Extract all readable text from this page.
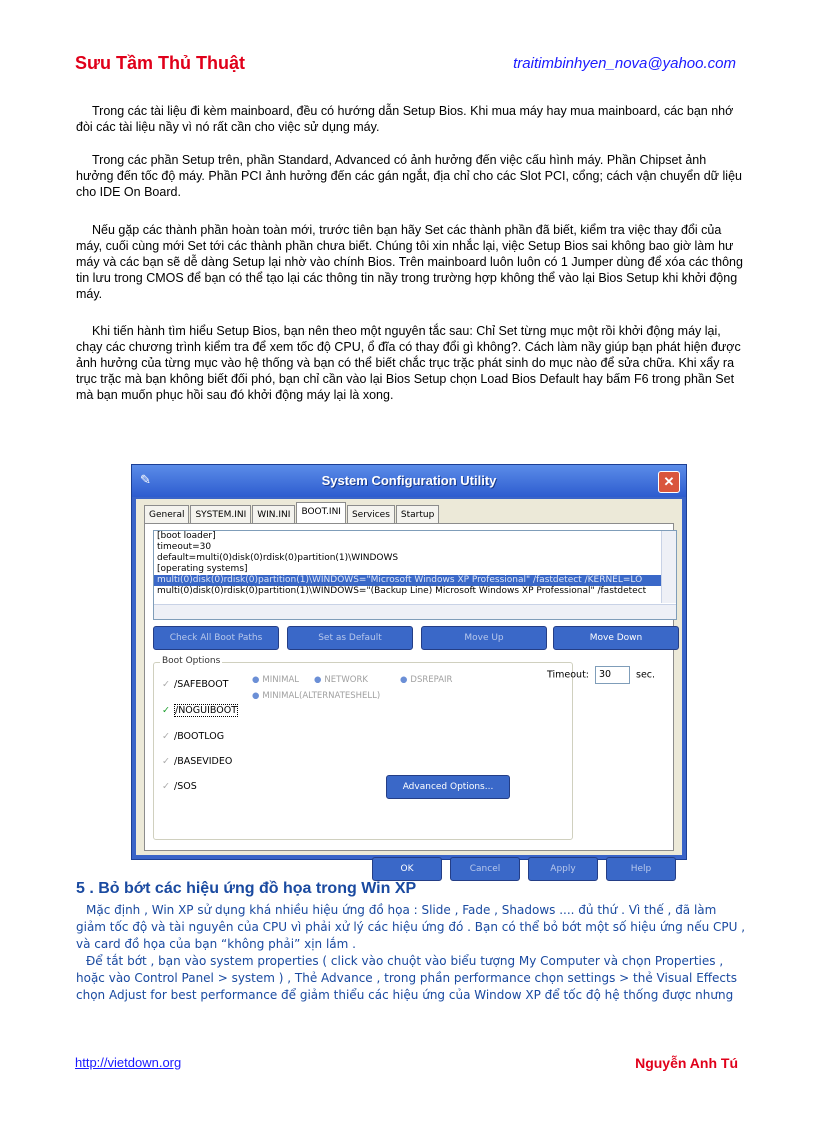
Sưu Tầm Thủ Thuật	traitimbinhyen_nova@yahoo.com
Trong các tài liệu đi kèm mainboard, đều có hướng dẫn Setup Bios. Khi mua máy hay mua mainboard, các bạn nhớ đòi các tài liệu nầy vì nó rất cần cho việc sử dụng máy.
Trong các phần Setup trên, phần Standard, Advanced có ảnh hưởng đến việc cấu hình máy. Phần Chipset ảnh hưởng đến tốc độ máy. Phần PCI ảnh hưởng đến các gán ngắt, địa chỉ cho các Slot PCI, cổng; cách vận chuyển dữ liệu cho IDE On Board.
Nếu gặp các thành phần hoàn toàn mới, trước tiên bạn hãy Set các thành phần đã biết, kiểm tra việc thay đổi của máy, cuối cùng mới Set tới các thành phần chưa biết. Chúng tôi xin nhắc lại, việc Setup Bios sai không bao giờ làm hư máy và các bạn sẽ dễ dàng Setup lại nhờ vào chính Bios. Trên mainboard luôn luôn có 1 Jumper dùng để xóa các thông tin lưu trong CMOS để bạn có thể tạo lại các thông tin nầy trong trường hợp không thể vào lại Bios Setup khi khởi động máy.
Khi tiến hành tìm hiểu Setup Bios, bạn nên theo một nguyên tắc sau: Chỉ Set từng mục một rồi khởi động máy lại, chạy các chương trình kiểm tra để xem tốc độ CPU, ổ đĩa có thay đổi gì không?. Cách làm nầy giúp bạn phát hiện được ảnh hưởng của từng mục vào hệ thống và bạn có thể biết chắc trục trặc phát sinh do mục nào để sửa chữa. Khi xẩy ra trục trặc mà bạn không biết đối phó, bạn chỉ cần vào lại Bios Setup chọn Load Bios Default hay bấm F6 trong phần Set mà bạn muốn phục hồi sau đó khởi động máy lại là xong.
✎	System Configuration Utility	✕
General	SYSTEM.INI	WIN.INI	BOOT.INI	Services	Startup
[boot loader]
timeout=30
default=multi(0)disk(0)rdisk(0)partition(1)\WINDOWS
[operating systems]
multi(0)disk(0)rdisk(0)partition(1)\WINDOWS="Microsoft Windows XP Professional" /fastdetect /KERNEL=LO
multi(0)disk(0)rdisk(0)partition(1)\WINDOWS="(Backup Line) Microsoft Windows XP Professional" /fastdetect
Check All Boot Paths	Set as Default	Move Up	Move Down
Boot Options
✓ /SAFEBOOT
✓ /NOGUIBOOT
✓ /BOOTLOG
✓ /BASEVIDEO
✓ /SOS
● MINIMAL ● NETWORK	● DSREPAIR
● MINIMAL(ALTERNATESHELL)
Advanced Options...
Timeout: 30	sec.
OK	Cancel	Apply	Help
5 . Bỏ bớt các hiệu ứng đồ họa trong Win XP
Mặc định , Win XP sử dụng khá nhiều hiệu ứng đồ họa : Slide , Fade , Shadows .... đủ thứ . Vì thế , đã làm giảm tốc độ và tài nguyên của CPU vì phải xử lý các hiệu ứng đó . Bạn có thể bỏ bớt một số hiệu ứng nếu CPU , và card đồ họa của bạn “không phải” xịn lắm .
Để tắt bớt , bạn vào system properties ( click vào chuột vào biểu tượng My Computer và chọn Properties , hoặc vào Control Panel > system ) , Thẻ Advance , trong phần performance chọn settings > thẻ Visual Effects chọn Adjust for best performance để giảm thiểu các hiệu ứng của Window XP để tốc độ hệ thống được nhưng
http://vietdown.org	Nguyễn Anh Tú
